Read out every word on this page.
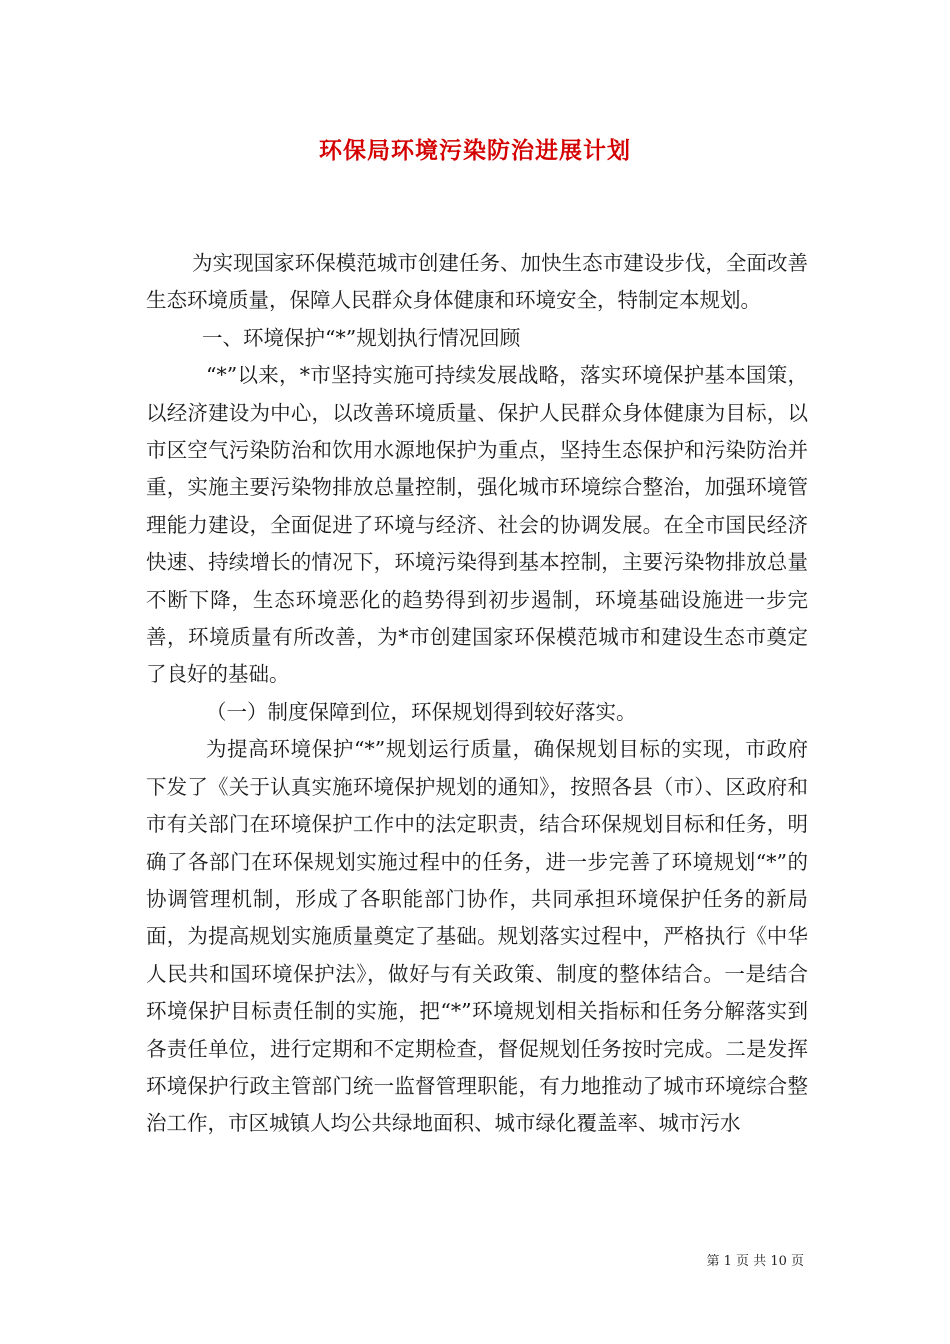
环保局环境污染防治进展计划

为实现国家环保模范城市创建任务、加快生态市建设步伐，全面改善生态环境质量，保障人民群众身体健康和环境安全，特制定本规划。

一、环境保护“*”规划执行情况回顾

“*”以来，*市坚持实施可持续发展战略，落实环境保护基本国策，以经济建设为中心，以改善环境质量、保护人民群众身体健康为目标，以市区空气污染防治和饮用水源地保护为重点，坚持生态保护和污染防治并重，实施主要污染物排放总量控制，强化城市环境综合整治，加强环境管理能力建设，全面促进了环境与经济、社会的协调发展。在全市国民经济快速、持续增长的情况下，环境污染得到基本控制，主要污染物排放总量不断下降，生态环境恶化的趋势得到初步遏制，环境基础设施进一步完善，环境质量有所改善，为*市创建国家环保模范城市和建设生态市奠定了良好的基础。

（一）制度保障到位，环保规划得到较好落实。

为提高环境保护“*”规划运行质量，确保规划目标的实现，市政府下发了《关于认真实施环境保护规划的通知》，按照各县（市）、区政府和市有关部门在环境保护工作中的法定职责，结合环保规划目标和任务，明确了各部门在环保规划实施过程中的任务，进一步完善了环境规划“*”的协调管理机制，形成了各职能部门协作，共同承担环境保护任务的新局面，为提高规划实施质量奠定了基础。规划落实过程中，严格执行《中华人民共和国环境保护法》，做好与有关政策、制度的整体结合。一是结合环境保护目标责任制的实施，把“*”环境规划相关指标和任务分解落实到各责任单位，进行定期和不定期检查，督促规划任务按时完成。二是发挥环境保护行政主管部门统一监督管理职能，有力地推动了城市环境综合整治工作，市区城镇人均公共绿地面积、城市绿化覆盖率、城市污水

第 1 页 共 10 页
